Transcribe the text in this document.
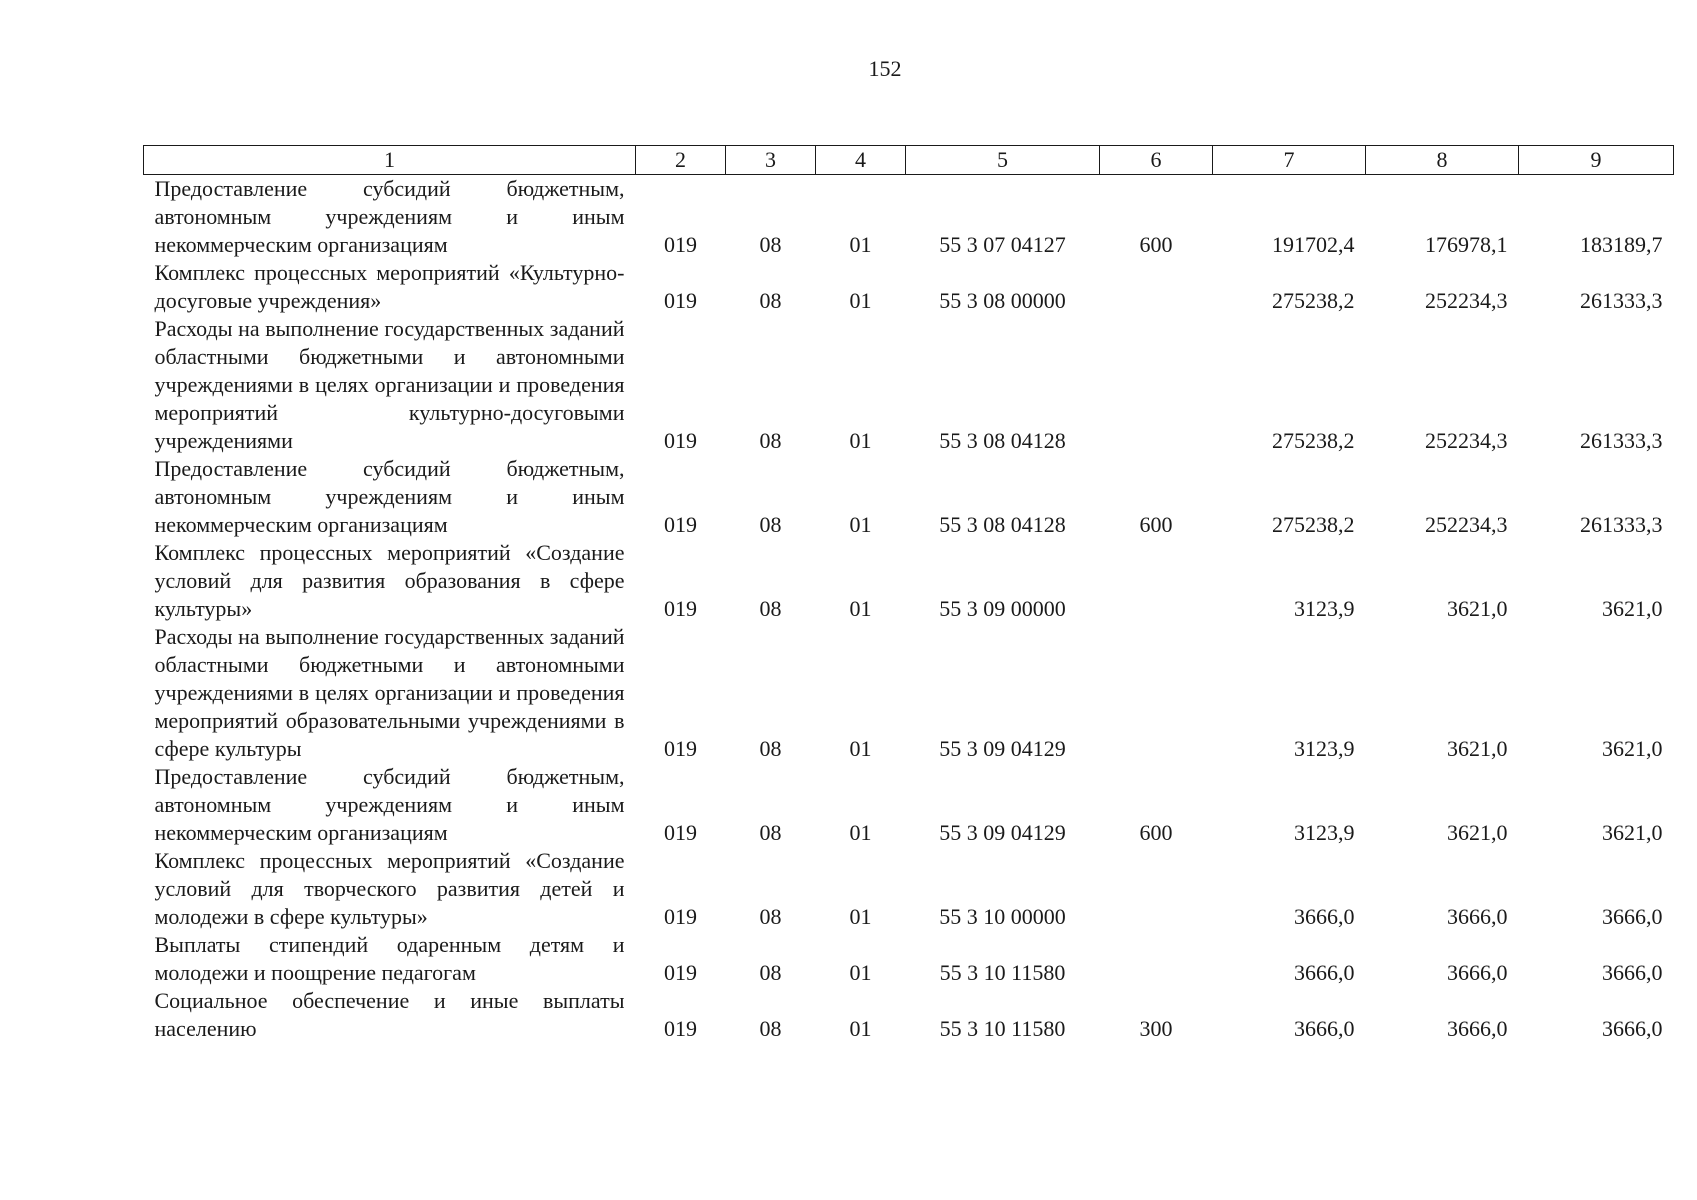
152
1	2	3	4	5	6	7	8	9
Предоставление субсидий бюджетным, автономным учреждениям и иным некоммерческим организациям	019	08	01	55 3 07 04127	600	191702,4	176978,1	183189,7
Комплекс процессных мероприятий «Культурно-досуговые учреждения»	019	08	01	55 3 08 00000		275238,2	252234,3	261333,3
Расходы на выполнение государственных заданий областными бюджетными и автономными учреждениями в целях организации и проведения мероприятий культурно-досуговыми учреждениями	019	08	01	55 3 08 04128		275238,2	252234,3	261333,3
Предоставление субсидий бюджетным, автономным учреждениям и иным некоммерческим организациям	019	08	01	55 3 08 04128	600	275238,2	252234,3	261333,3
Комплекс процессных мероприятий «Создание условий для развития образования в сфере культуры»	019	08	01	55 3 09 00000		3123,9	3621,0	3621,0
Расходы на выполнение государственных заданий областными бюджетными и автономными учреждениями в целях организации и проведения мероприятий образовательными учреждениями в сфере культуры	019	08	01	55 3 09 04129		3123,9	3621,0	3621,0
Предоставление субсидий бюджетным, автономным учреждениям и иным некоммерческим организациям	019	08	01	55 3 09 04129	600	3123,9	3621,0	3621,0
Комплекс процессных мероприятий «Создание условий для творческого развития детей и молодежи в сфере культуры»	019	08	01	55 3 10 00000		3666,0	3666,0	3666,0
Выплаты стипендий одаренным детям и молодежи и поощрение педагогам	019	08	01	55 3 10 11580		3666,0	3666,0	3666,0
Социальное обеспечение и иные выплаты населению	019	08	01	55 3 10 11580	300	3666,0	3666,0	3666,0
